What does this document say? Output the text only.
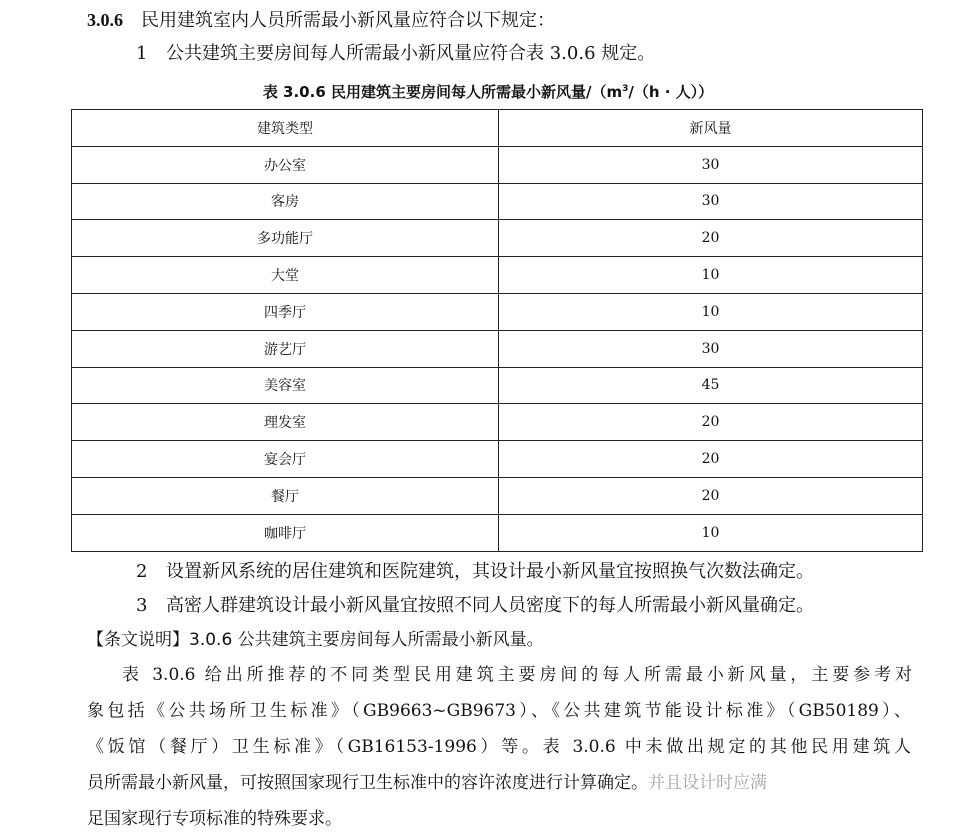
3.0.6 民用建筑室内人员所需最小新风量应符合以下规定：
1 公共建筑主要房间每人所需最小新风量应符合表 3.0.6 规定。
表 3.0.6 民用建筑主要房间每人所需最小新风量$/(m^3/(h$ · 人））
建筑类型	新风量
办公室	30
客房	30
多功能厅	20
大堂	10
四季厅	10
游艺厅	30
美容室	45
理发室	20
宴会厅	20
餐厅	20
咖啡厅	10
2 设置新风系统的居住建筑和医院建筑，其设计最小新风量宜按照换气次数法确定。
3 高密人群建筑设计最小新风量宜按照不同人员密度下的每人所需最小新风量确定。
【条文说明】3.0.6 公共建筑主要房间每人所需最小新风量。
表 3.0.6 给出所推荐的不同类型民用建筑主要房间的每人所需最小新风量，主要参考对
象包括《公共场所卫生标准》（GB9663~GB9673）、《公共建筑节能设计标准》（GB50189）、
《饭馆（餐厅）卫生标准》（GB16153-1996）等。表 3.0.6 中未做出规定的其他民用建筑人
员所需最小新风量，可按照国家现行卫生标准中的容许浓度进行计算确定。并且设计时应满
足国家现行专项标准的特殊要求。
